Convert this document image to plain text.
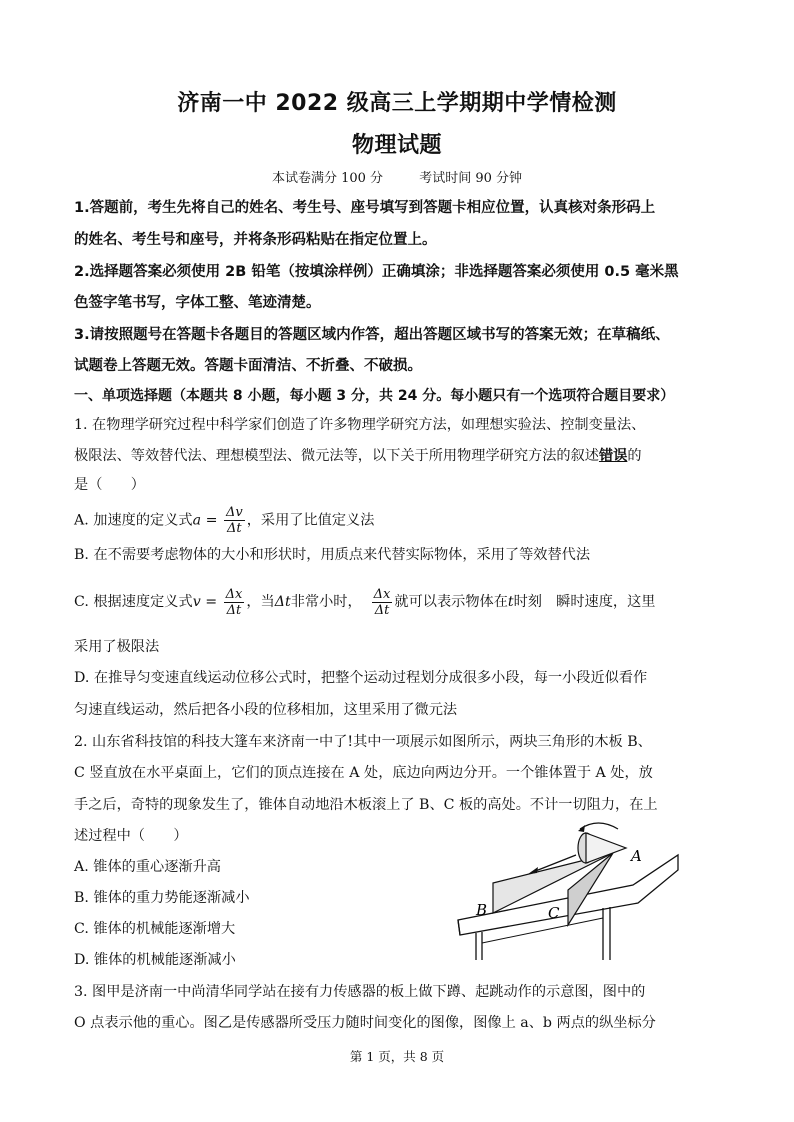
济南一中 2022 级高三上学期期中学情检测
物理试题
本试卷满分 100 分	考试时间 90 分钟
1.答题前，考生先将自己的姓名、考生号、座号填写到答题卡相应位置，认真核对条形码上
的姓名、考生号和座号，并将条形码粘贴在指定位置上。
2.选择题答案必须使用 2B 铅笔（按填涂样例）正确填涂；非选择题答案必须使用 0.5 毫米黑
色签字笔书写，字体工整、笔迹清楚。
3.请按照题号在答题卡各题目的答题区域内作答，超出答题区域书写的答案无效；在草稿纸、
试题卷上答题无效。答题卡面清洁、不折叠、不破损。
一、单项选择题（本题共 8 小题，每小题 3 分，共 24 分。每小题只有一个选项符合题目要求）
1. 在物理学研究过程中科学家们创造了许多物理学研究方法，如理想实验法、控制变量法、
极限法、等效替代法、理想模型法、微元法等，以下关于所用物理学研究方法的叙述错误的
是（　　）
A. 加速度的定义式$a = \frac{\Delta v}{\Delta t}$ ，采用了比值定义法
B. 在不需要考虑物体的大小和形状时，用质点来代替实际物体，采用了等效替代法
C. 根据速度定义式$v = \frac{\Delta x}{\Delta t}$ ，当Δt非常小时， $\frac{\Delta x}{\Delta t}$ 就可以表示物体在t时刻　瞬时速度，这里
采用了极限法
D. 在推导匀变速直线运动位移公式时，把整个运动过程划分成很多小段，每一小段近似看作
匀速直线运动，然后把各小段的位移相加，这里采用了微元法
2. 山东省科技馆的科技大篷车来济南一中了!其中一项展示如图所示，两块三角形的木板 B、
C 竖直放在水平桌面上，它们的顶点连接在 A 处，底边向两边分开。一个锥体置于 A 处，放
手之后，奇特的现象发生了，锥体自动地沿木板滚上了 B、C 板的高处。不计一切阻力，在上
述过程中（　　）
A. 锥体的重心逐渐升高
B. 锥体的重力势能逐渐减小
C. 锥体的机械能逐渐增大
D. 锥体的机械能逐渐减小
A
B	C
3. 图甲是济南一中尚清华同学站在接有力传感器的板上做下蹲、起跳动作的示意图，图中的
O 点表示他的重心。图乙是传感器所受压力随时间变化的图像，图像上 a、b 两点的纵坐标分
第 1 页，共 8 页
